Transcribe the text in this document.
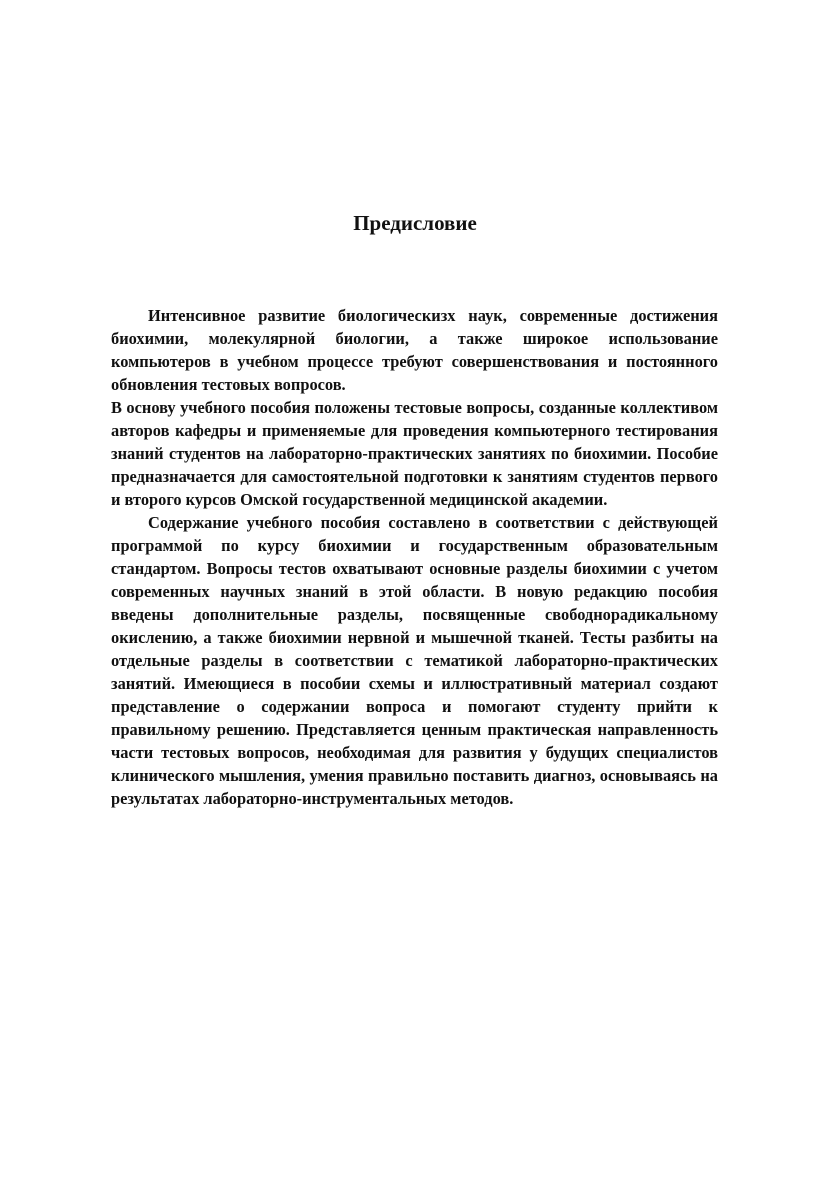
Предисловие

Интенсивное развитие биологическизх наук, современные достижения биохимии, молекулярной биологии, а также широкое использование компьютеров в учебном процессе требуют совершенствования и постоянного обновления тестовых вопросов.

В основу учебного пособия положены тестовые вопросы, созданные коллективом авторов кафедры и применяемые для проведения компьютерного тестирования знаний студентов на лабораторно-практических занятиях по биохимии. Пособие предназначается для самостоятельной подготовки к занятиям студентов первого и второго курсов Омской государственной медицинской академии.

Содержание учебного пособия составлено в соответствии с действующей программой по курсу биохимии и государственным образовательным стандартом. Вопросы тестов охватывают основные разделы биохимии с учетом современных научных знаний в этой области. В новую редакцию пособия введены дополнительные разделы, посвященные свободнорадикальному окислению, а также биохимии нервной и мышечной тканей. Тесты разбиты на отдельные разделы в соответствии с тематикой лабораторно-практических занятий. Имеющиеся в пособии схемы и иллюстративный материал создают представление о содержании вопроса и помогают студенту прийти к правильному решению. Представляется ценным практическая направленность части тестовых вопросов, необходимая для развития у будущих специалистов клинического мышления, умения правильно поставить диагноз, основываясь на результатах лабораторно-инструментальных методов.
